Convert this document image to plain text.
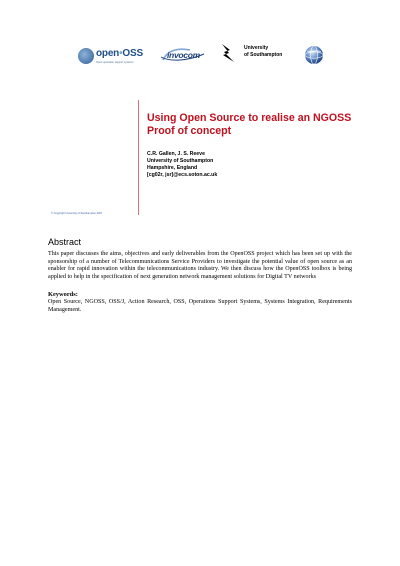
open•OSS
Open operation support systems
invocom
University
of Southampton
Using Open Source to realise an NGOSS Proof of concept
C.R. Gallen, J. S. Reeve
University of Southampton
Hampshire, England
[cg02r, jsr]@ecs.soton.ac.uk
© Copyright University of Southampton 2007
Abstract

This paper discusses the aims, objectives and early deliverables from the OpenOSS project which has been set up with the sponsorship of a number of Telecommunications Service Providers to investigate the potential value of open source as an enabler for rapid innovation within the telecommunications industry. We then discuss how the OpenOSS toolbox is being applied to help in the specification of next generation network management solutions for Digital TV networks

Keywords:

Open Source, NGOSS, OSS/J, Action Research, OSS, Operations Support Systems, Systems Integration, Requirements Management.
